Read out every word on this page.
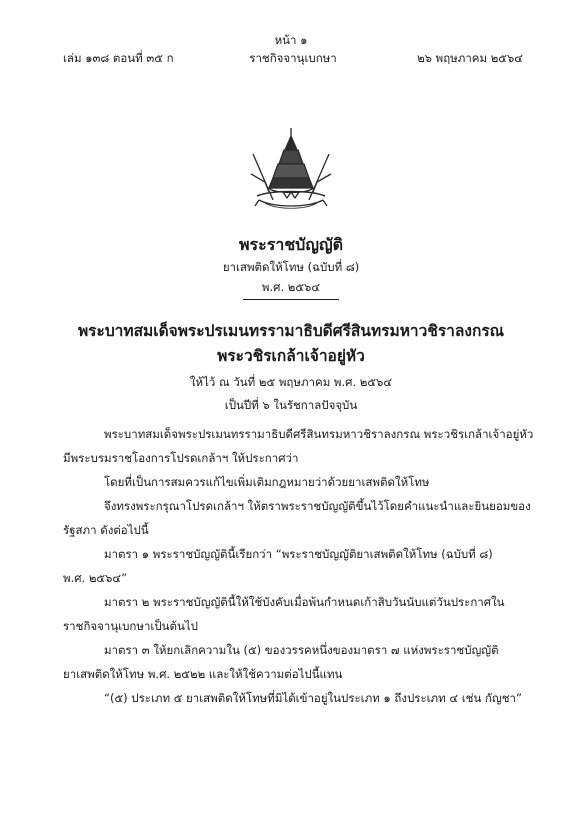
หน้า ๑
เล่ม ๑๓๘ ตอนที่ ๓๕ ก	ราชกิจจานุเบกษา	๒๖ พฤษภาคม ๒๕๖๔
พระราชบัญญัติ
ยาเสพติดให้โทษ (ฉบับที่ ๘)
พ.ศ. ๒๕๖๔
พระบาทสมเด็จพระปรเมนทรรามาธิบดีศรีสินทรมหาวชิราลงกรณ
พระวชิรเกล้าเจ้าอยู่หัว
ให้ไว้ ณ วันที่ ๒๕ พฤษภาคม พ.ศ. ๒๕๖๔
เป็นปีที่ ๖ ในรัชกาลปัจจุบัน
พระบาทสมเด็จพระปรเมนทรรามาธิบดีศรีสินทรมหาวชิราลงกรณ พระวชิรเกล้าเจ้าอยู่หัว
มีพระบรมราชโองการโปรดเกล้าฯ ให้ประกาศว่า
โดยที่เป็นการสมควรแก้ไขเพิ่มเติมกฎหมายว่าด้วยยาเสพติดให้โทษ
จึงทรงพระกรุณาโปรดเกล้าฯ ให้ตราพระราชบัญญัติขึ้นไว้โดยคำแนะนำและยินยอมของ
รัฐสภา ดังต่อไปนี้
มาตรา ๑ พระราชบัญญัตินี้เรียกว่า “พระราชบัญญัติยาเสพติดให้โทษ (ฉบับที่ ๘)
พ.ศ. ๒๕๖๔”
มาตรา ๒ พระราชบัญญัตินี้ให้ใช้บังคับเมื่อพ้นกำหนดเก้าสิบวันนับแต่วันประกาศใน
ราชกิจจานุเบกษาเป็นต้นไป
มาตรา ๓ ให้ยกเลิกความใน (๕) ของวรรคหนึ่งของมาตรา ๗ แห่งพระราชบัญญัติ
ยาเสพติดให้โทษ พ.ศ. ๒๕๒๒ และให้ใช้ความต่อไปนี้แทน
“(๕) ประเภท ๕ ยาเสพติดให้โทษที่มิได้เข้าอยู่ในประเภท ๑ ถึงประเภท ๔ เช่น กัญชา”
